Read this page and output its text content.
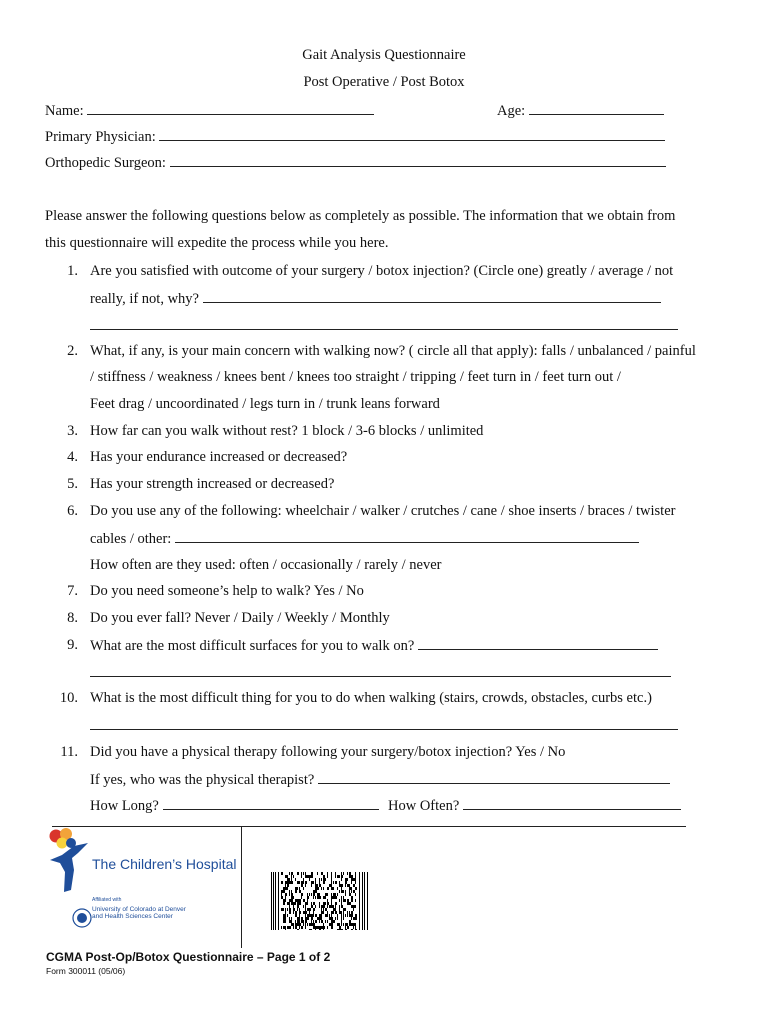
Gait Analysis Questionnaire
Post Operative / Post Botox
Name:	Age:
Primary Physician:
Orthopedic Surgeon:
Please answer the following questions below as completely as possible. The information that we obtain from
this questionnaire will expedite the process while you here.
1. Are you satisfied with outcome of your surgery / botox injection? (Circle one) greatly / average / not
really, if not, why?
2. What, if any, is your main concern with walking now? ( circle all that apply): falls / unbalanced / painful
/ stiffness / weakness / knees bent / knees too straight / tripping / feet turn in / feet turn out /
Feet drag / uncoordinated / legs turn in / trunk leans forward
3. How far can you walk without rest? 1 block / 3-6 blocks / unlimited
4. Has your endurance increased or decreased?
5. Has your strength increased or decreased?
6. Do you use any of the following: wheelchair / walker / crutches / cane / shoe inserts / braces / twister
cables / other:
How often are they used: often / occasionally / rarely / never
7. Do you need someone’s help to walk? Yes / No
8. Do you ever fall? Never / Daily / Weekly / Monthly
9. What are the most difficult surfaces for you to walk on?
10. What is the most difficult thing for you to do when walking (stairs, crowds, obstacles, curbs etc.)
11. Did you have a physical therapy following your surgery/botox injection? Yes / No
If yes, who was the physical therapist?
How Long?	How Often?
The Children’s Hospital
Affiliated with
University of Colorado at Denver
and Health Sciences Center
CGMA Post-Op/Botox Questionnaire – Page 1 of 2
Form 300011 (05/06)
